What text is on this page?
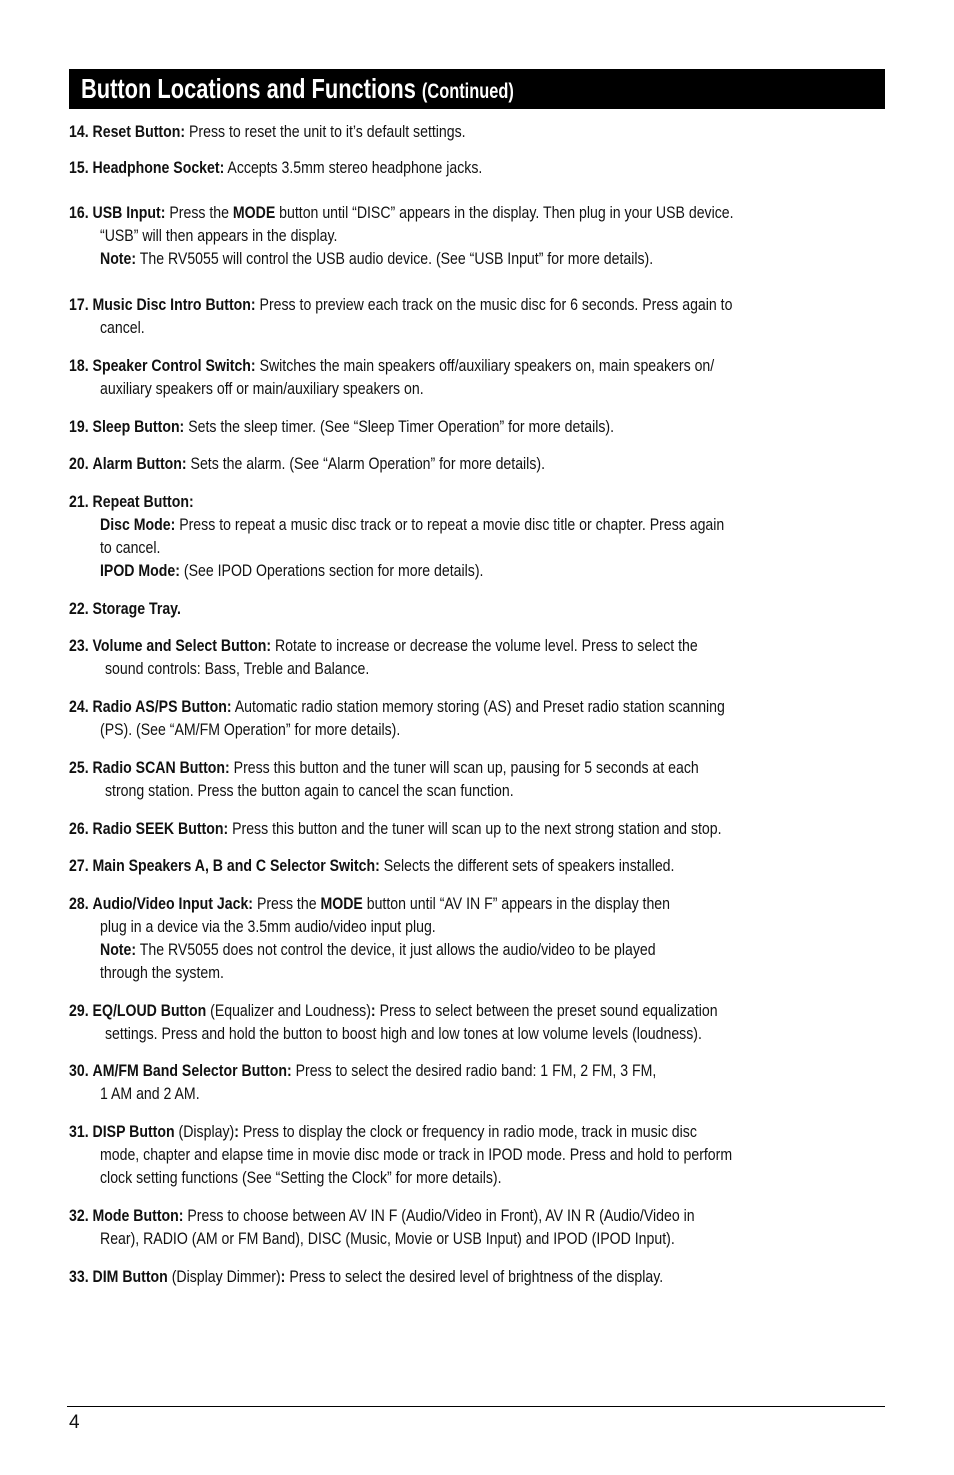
Button Locations and Functions (Continued)
14. Reset Button: Press to reset the unit to it’s default settings.
15. Headphone Socket: Accepts 3.5mm stereo headphone jacks.
16. USB Input: Press the MODE button until “DISC” appears in the display. Then plug in your USB device.
“USB” will then appears in the display.
Note: The RV5055 will control the USB audio device. (See “USB Input” for more details).
17. Music Disc Intro Button: Press to preview each track on the music disc for 6 seconds. Press again to
cancel.
18. Speaker Control Switch: Switches the main speakers off/auxiliary speakers on, main speakers on/
auxiliary speakers off or main/auxiliary speakers on.
19. Sleep Button: Sets the sleep timer. (See “Sleep Timer Operation” for more details).
20. Alarm Button: Sets the alarm. (See “Alarm Operation” for more details).
21. Repeat Button:
Disc Mode: Press to repeat a music disc track or to repeat a movie disc title or chapter. Press again
to cancel.
IPOD Mode: (See IPOD Operations section for more details).
22. Storage Tray.
23. Volume and Select Button: Rotate to increase or decrease the volume level. Press to select the
sound controls: Bass, Treble and Balance.
24. Radio AS/PS Button: Automatic radio station memory storing (AS) and Preset radio station scanning
(PS). (See “AM/FM Operation” for more details).
25. Radio SCAN Button: Press this button and the tuner will scan up, pausing for 5 seconds at each
strong station. Press the button again to cancel the scan function.
26. Radio SEEK Button: Press this button and the tuner will scan up to the next strong station and stop.
27. Main Speakers A, B and C Selector Switch: Selects the different sets of speakers installed.
28. Audio/Video Input Jack: Press the MODE button until “AV IN F” appears in the display then
plug in a device via the 3.5mm audio/video input plug.
Note: The RV5055 does not control the device, it just allows the audio/video to be played
through the system.
29. EQ/LOUD Button (Equalizer and Loudness): Press to select between the preset sound equalization
settings. Press and hold the button to boost high and low tones at low volume levels (loudness).
30. AM/FM Band Selector Button: Press to select the desired radio band: 1 FM, 2 FM, 3 FM,
1 AM and 2 AM.
31. DISP Button (Display): Press to display the clock or frequency in radio mode, track in music disc
mode, chapter and elapse time in movie disc mode or track in IPOD mode. Press and hold to perform
clock setting functions (See “Setting the Clock” for more details).
32. Mode Button: Press to choose between AV IN F (Audio/Video in Front), AV IN R (Audio/Video in
Rear), RADIO (AM or FM Band), DISC (Music, Movie or USB Input) and IPOD (IPOD Input).
33. DIM Button (Display Dimmer): Press to select the desired level of brightness of the display.
4
